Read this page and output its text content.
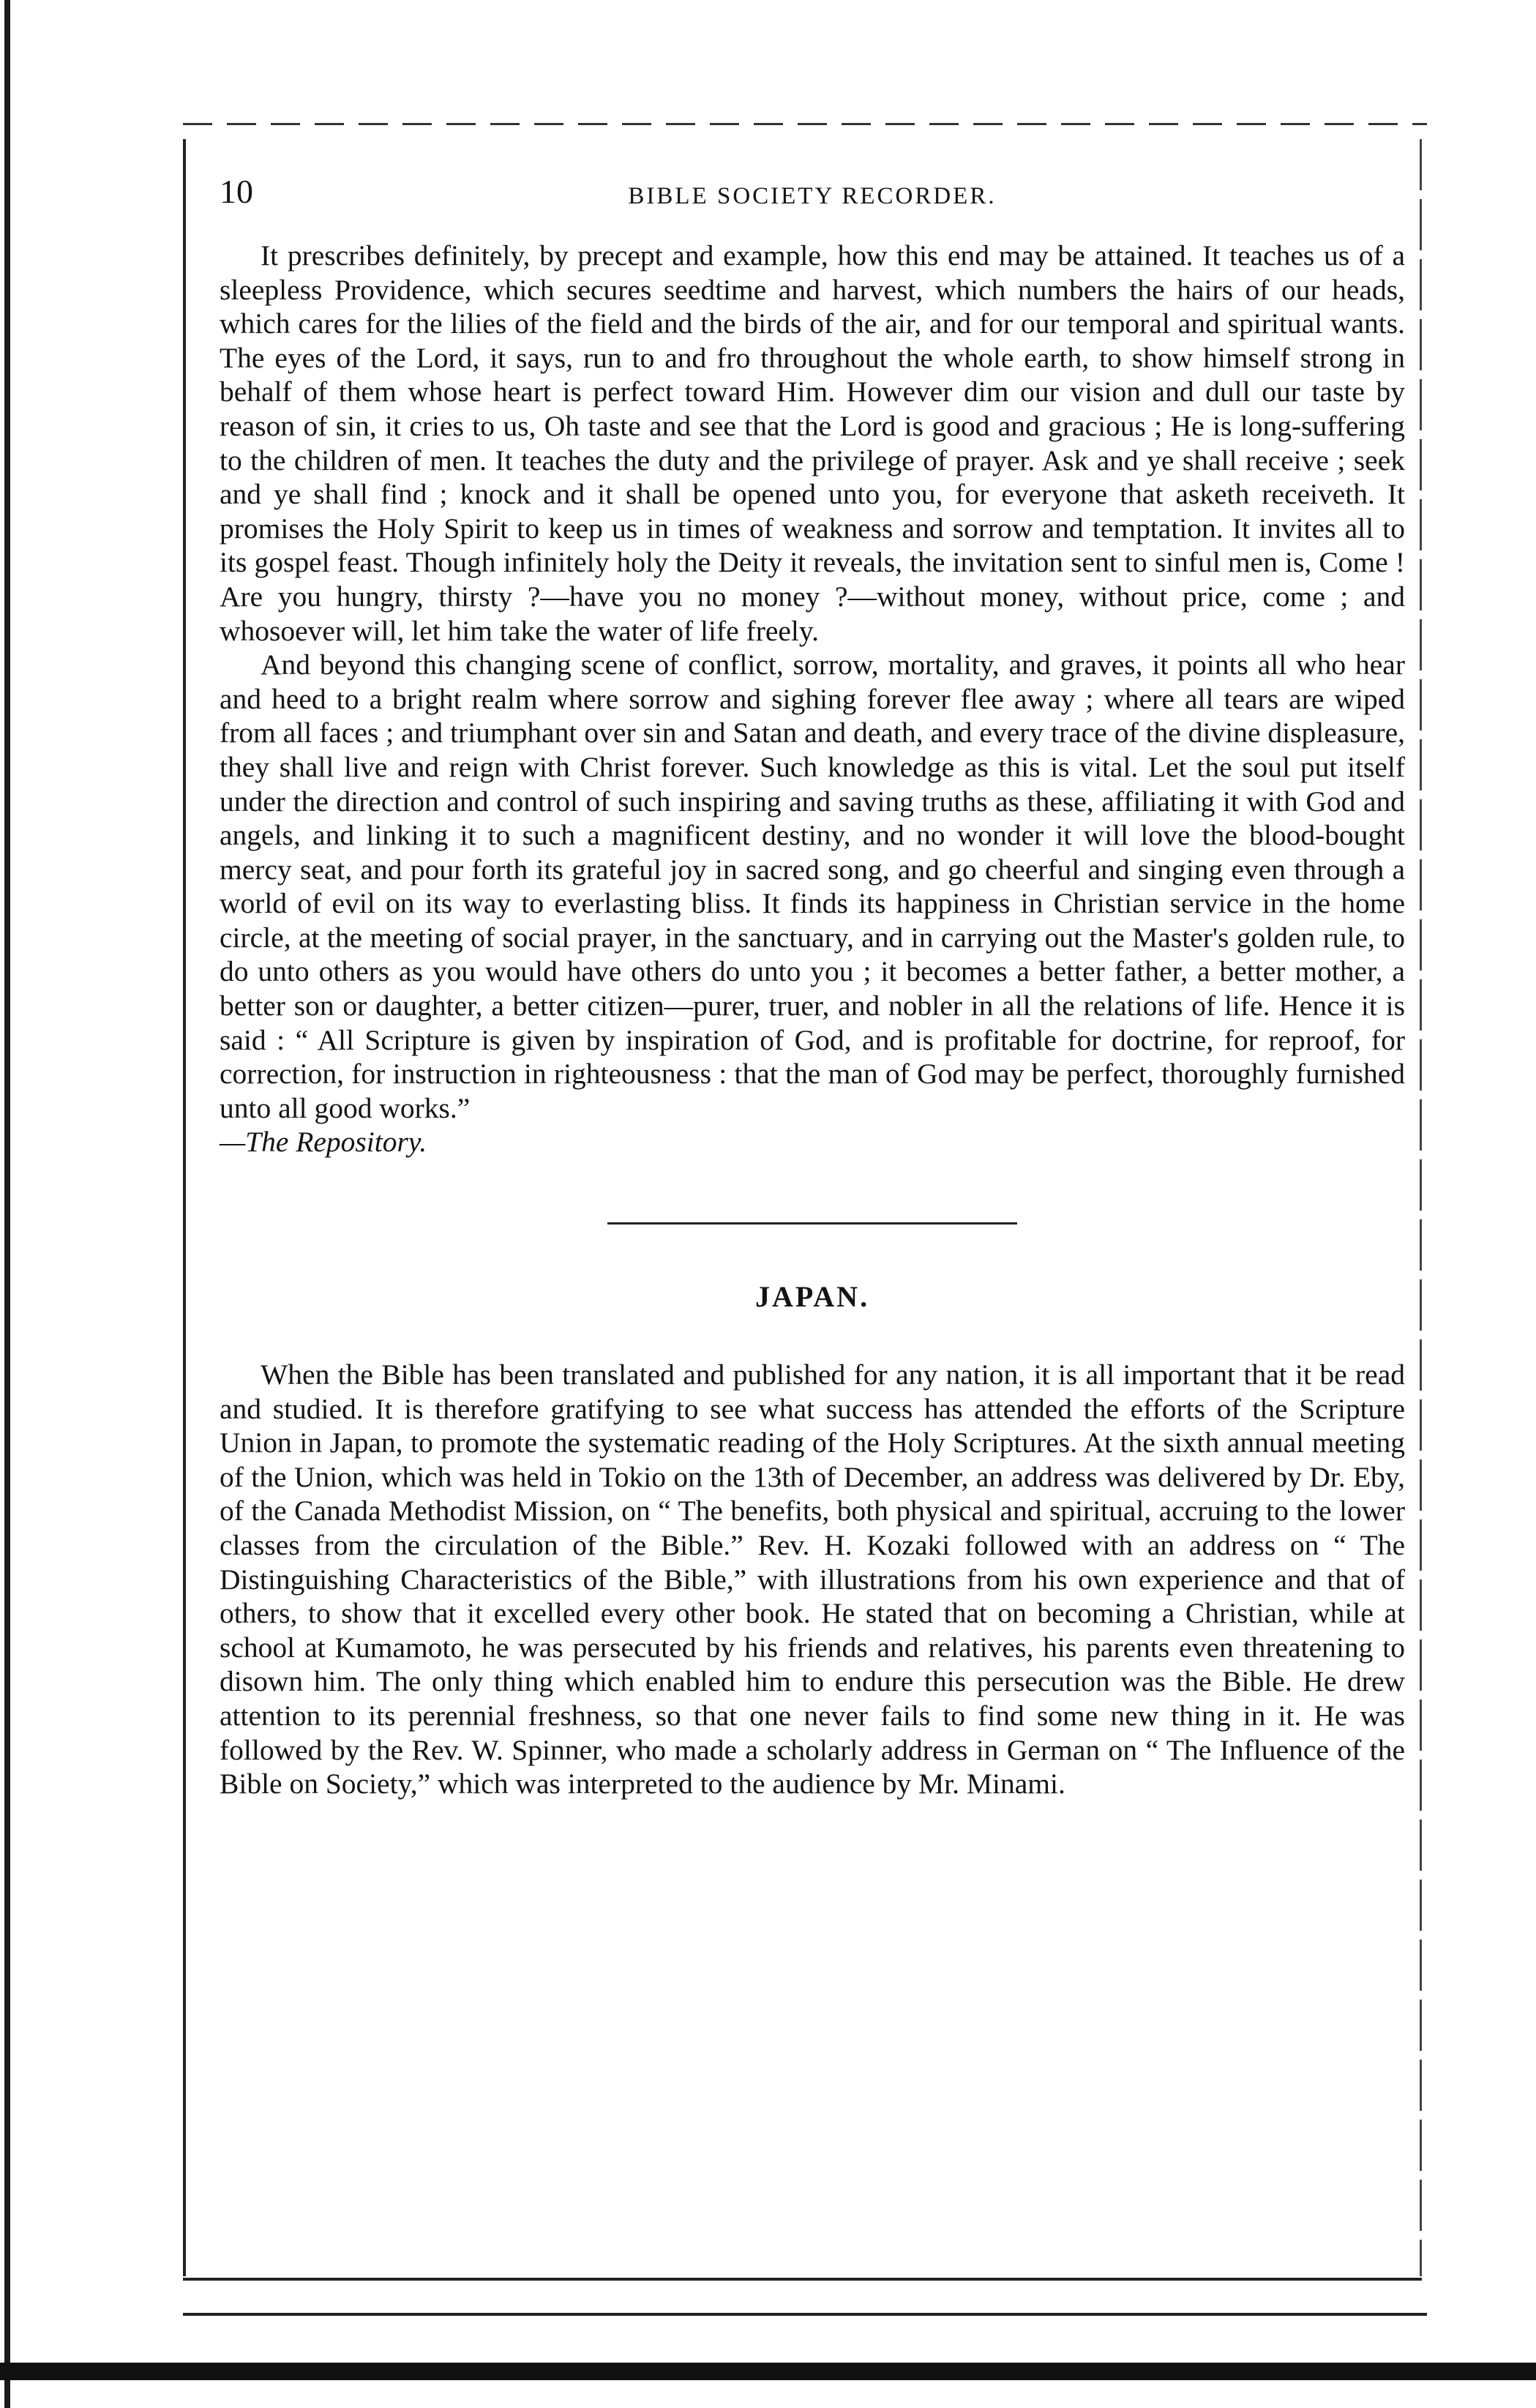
10	BIBLE SOCIETY RECORDER.

It prescribes definitely, by precept and example, how this end may be attained. It teaches us of a sleepless Providence, which secures seedtime and harvest, which numbers the hairs of our heads, which cares for the lilies of the field and the birds of the air, and for our temporal and spiritual wants. The eyes of the Lord, it says, run to and fro throughout the whole earth, to show himself strong in behalf of them whose heart is perfect toward Him. However dim our vision and dull our taste by reason of sin, it cries to us, Oh taste and see that the Lord is good and gracious ; He is long-suffering to the children of men. It teaches the duty and the privilege of prayer. Ask and ye shall receive ; seek and ye shall find ; knock and it shall be opened unto you, for everyone that asketh receiveth. It promises the Holy Spirit to keep us in times of weakness and sorrow and temptation. It invites all to its gospel feast. Though infinitely holy the Deity it reveals, the invitation sent to sinful men is, Come ! Are you hungry, thirsty ?—have you no money ?—without money, without price, come ; and whosoever will, let him take the water of life freely.

And beyond this changing scene of conflict, sorrow, mortality, and graves, it points all who hear and heed to a bright realm where sorrow and sighing forever flee away ; where all tears are wiped from all faces ; and triumphant over sin and Satan and death, and every trace of the divine displeasure, they shall live and reign with Christ forever. Such knowledge as this is vital. Let the soul put itself under the direction and control of such inspiring and saving truths as these, affiliating it with God and angels, and linking it to such a magnificent destiny, and no wonder it will love the blood-bought mercy seat, and pour forth its grateful joy in sacred song, and go cheerful and singing even through a world of evil on its way to everlasting bliss. It finds its happiness in Christian service in the home circle, at the meeting of social prayer, in the sanctuary, and in carrying out the Master's golden rule, to do unto others as you would have others do unto you ; it becomes a better father, a better mother, a better son or daughter, a better citizen—purer, truer, and nobler in all the relations of life. Hence it is said : “ All Scripture is given by inspiration of God, and is profitable for doctrine, for reproof, for correction, for instruction in righteousness : that the man of God may be perfect, thoroughly furnished unto all good works.”

—The Repository.

JAPAN.

When the Bible has been translated and published for any nation, it is all important that it be read and studied. It is therefore gratifying to see what success has attended the efforts of the Scripture Union in Japan, to promote the systematic reading of the Holy Scriptures. At the sixth annual meeting of the Union, which was held in Tokio on the 13th of December, an address was delivered by Dr. Eby, of the Canada Methodist Mission, on “ The benefits, both physical and spiritual, accruing to the lower classes from the circulation of the Bible.” Rev. H. Kozaki followed with an address on “ The Distinguishing Characteristics of the Bible,” with illustrations from his own experience and that of others, to show that it excelled every other book. He stated that on becoming a Christian, while at school at Kumamoto, he was persecuted by his friends and relatives, his parents even threatening to disown him. The only thing which enabled him to endure this persecution was the Bible. He drew attention to its perennial freshness, so that one never fails to find some new thing in it. He was followed by the Rev. W. Spinner, who made a scholarly address in German on “ The Influence of the Bible on Society,” which was interpreted to the audience by Mr. Minami.
